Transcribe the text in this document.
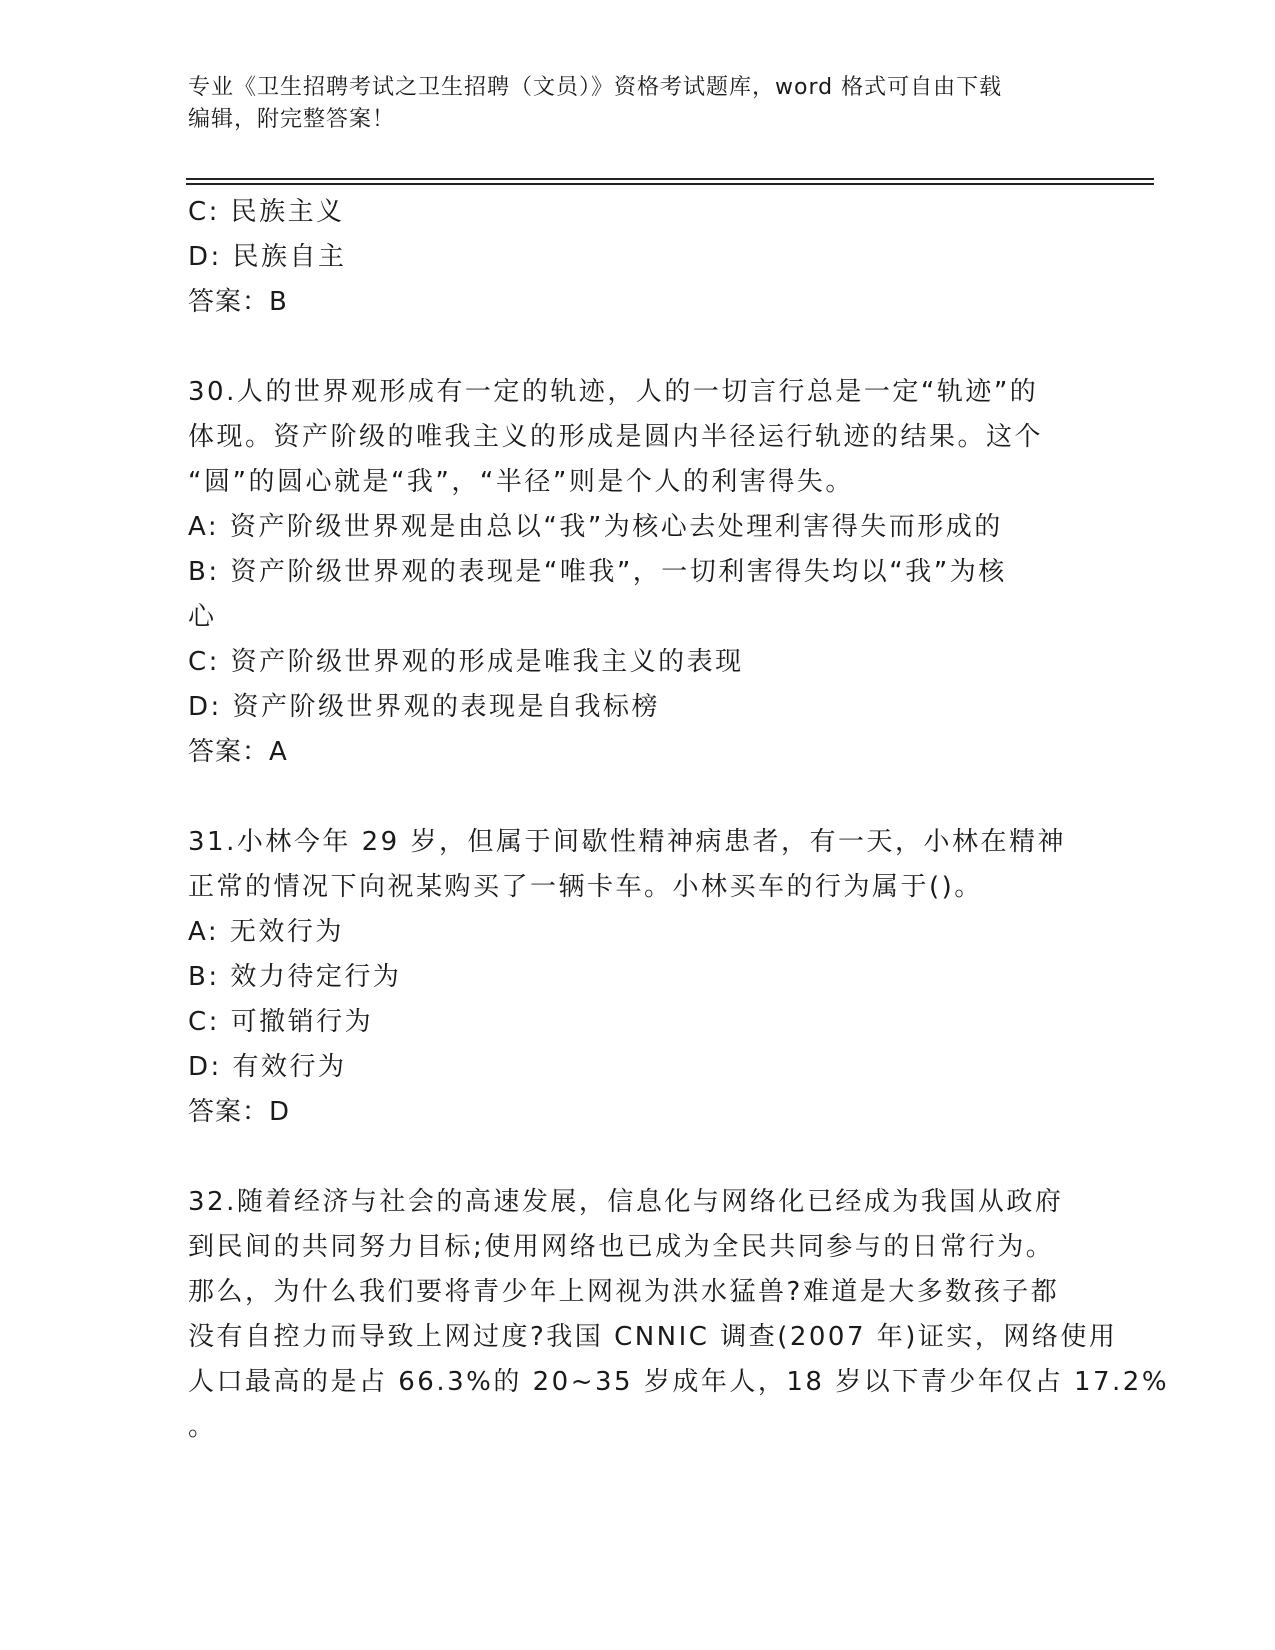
专业《卫生招聘考试之卫生招聘（文员）》资格考试题库，word 格式可自由下载
编辑，附完整答案！
C: 民族主义
D: 民族自主
答案：B
30.人的世界观形成有一定的轨迹，人的一切言行总是一定“轨迹”的
体现。资产阶级的唯我主义的形成是圆内半径运行轨迹的结果。这个
“圆”的圆心就是“我”，“半径”则是个人的利害得失。
A: 资产阶级世界观是由总以“我”为核心去处理利害得失而形成的
B: 资产阶级世界观的表现是“唯我”，一切利害得失均以“我”为核
心
C: 资产阶级世界观的形成是唯我主义的表现
D: 资产阶级世界观的表现是自我标榜
答案：A
31.小林今年 29 岁，但属于间歇性精神病患者，有一天，小林在精神
正常的情况下向祝某购买了一辆卡车。小林买车的行为属于()。
A: 无效行为
B: 效力待定行为
C: 可撤销行为
D: 有效行为
答案：D
32.随着经济与社会的高速发展，信息化与网络化已经成为我国从政府
到民间的共同努力目标;使用网络也已成为全民共同参与的日常行为。
那么，为什么我们要将青少年上网视为洪水猛兽?难道是大多数孩子都
没有自控力而导致上网过度?我国 CNNIC 调查(2007 年)证实，网络使用
人口最高的是占 66.3%的 20~35 岁成年人，18 岁以下青少年仅占 17.2%
。
